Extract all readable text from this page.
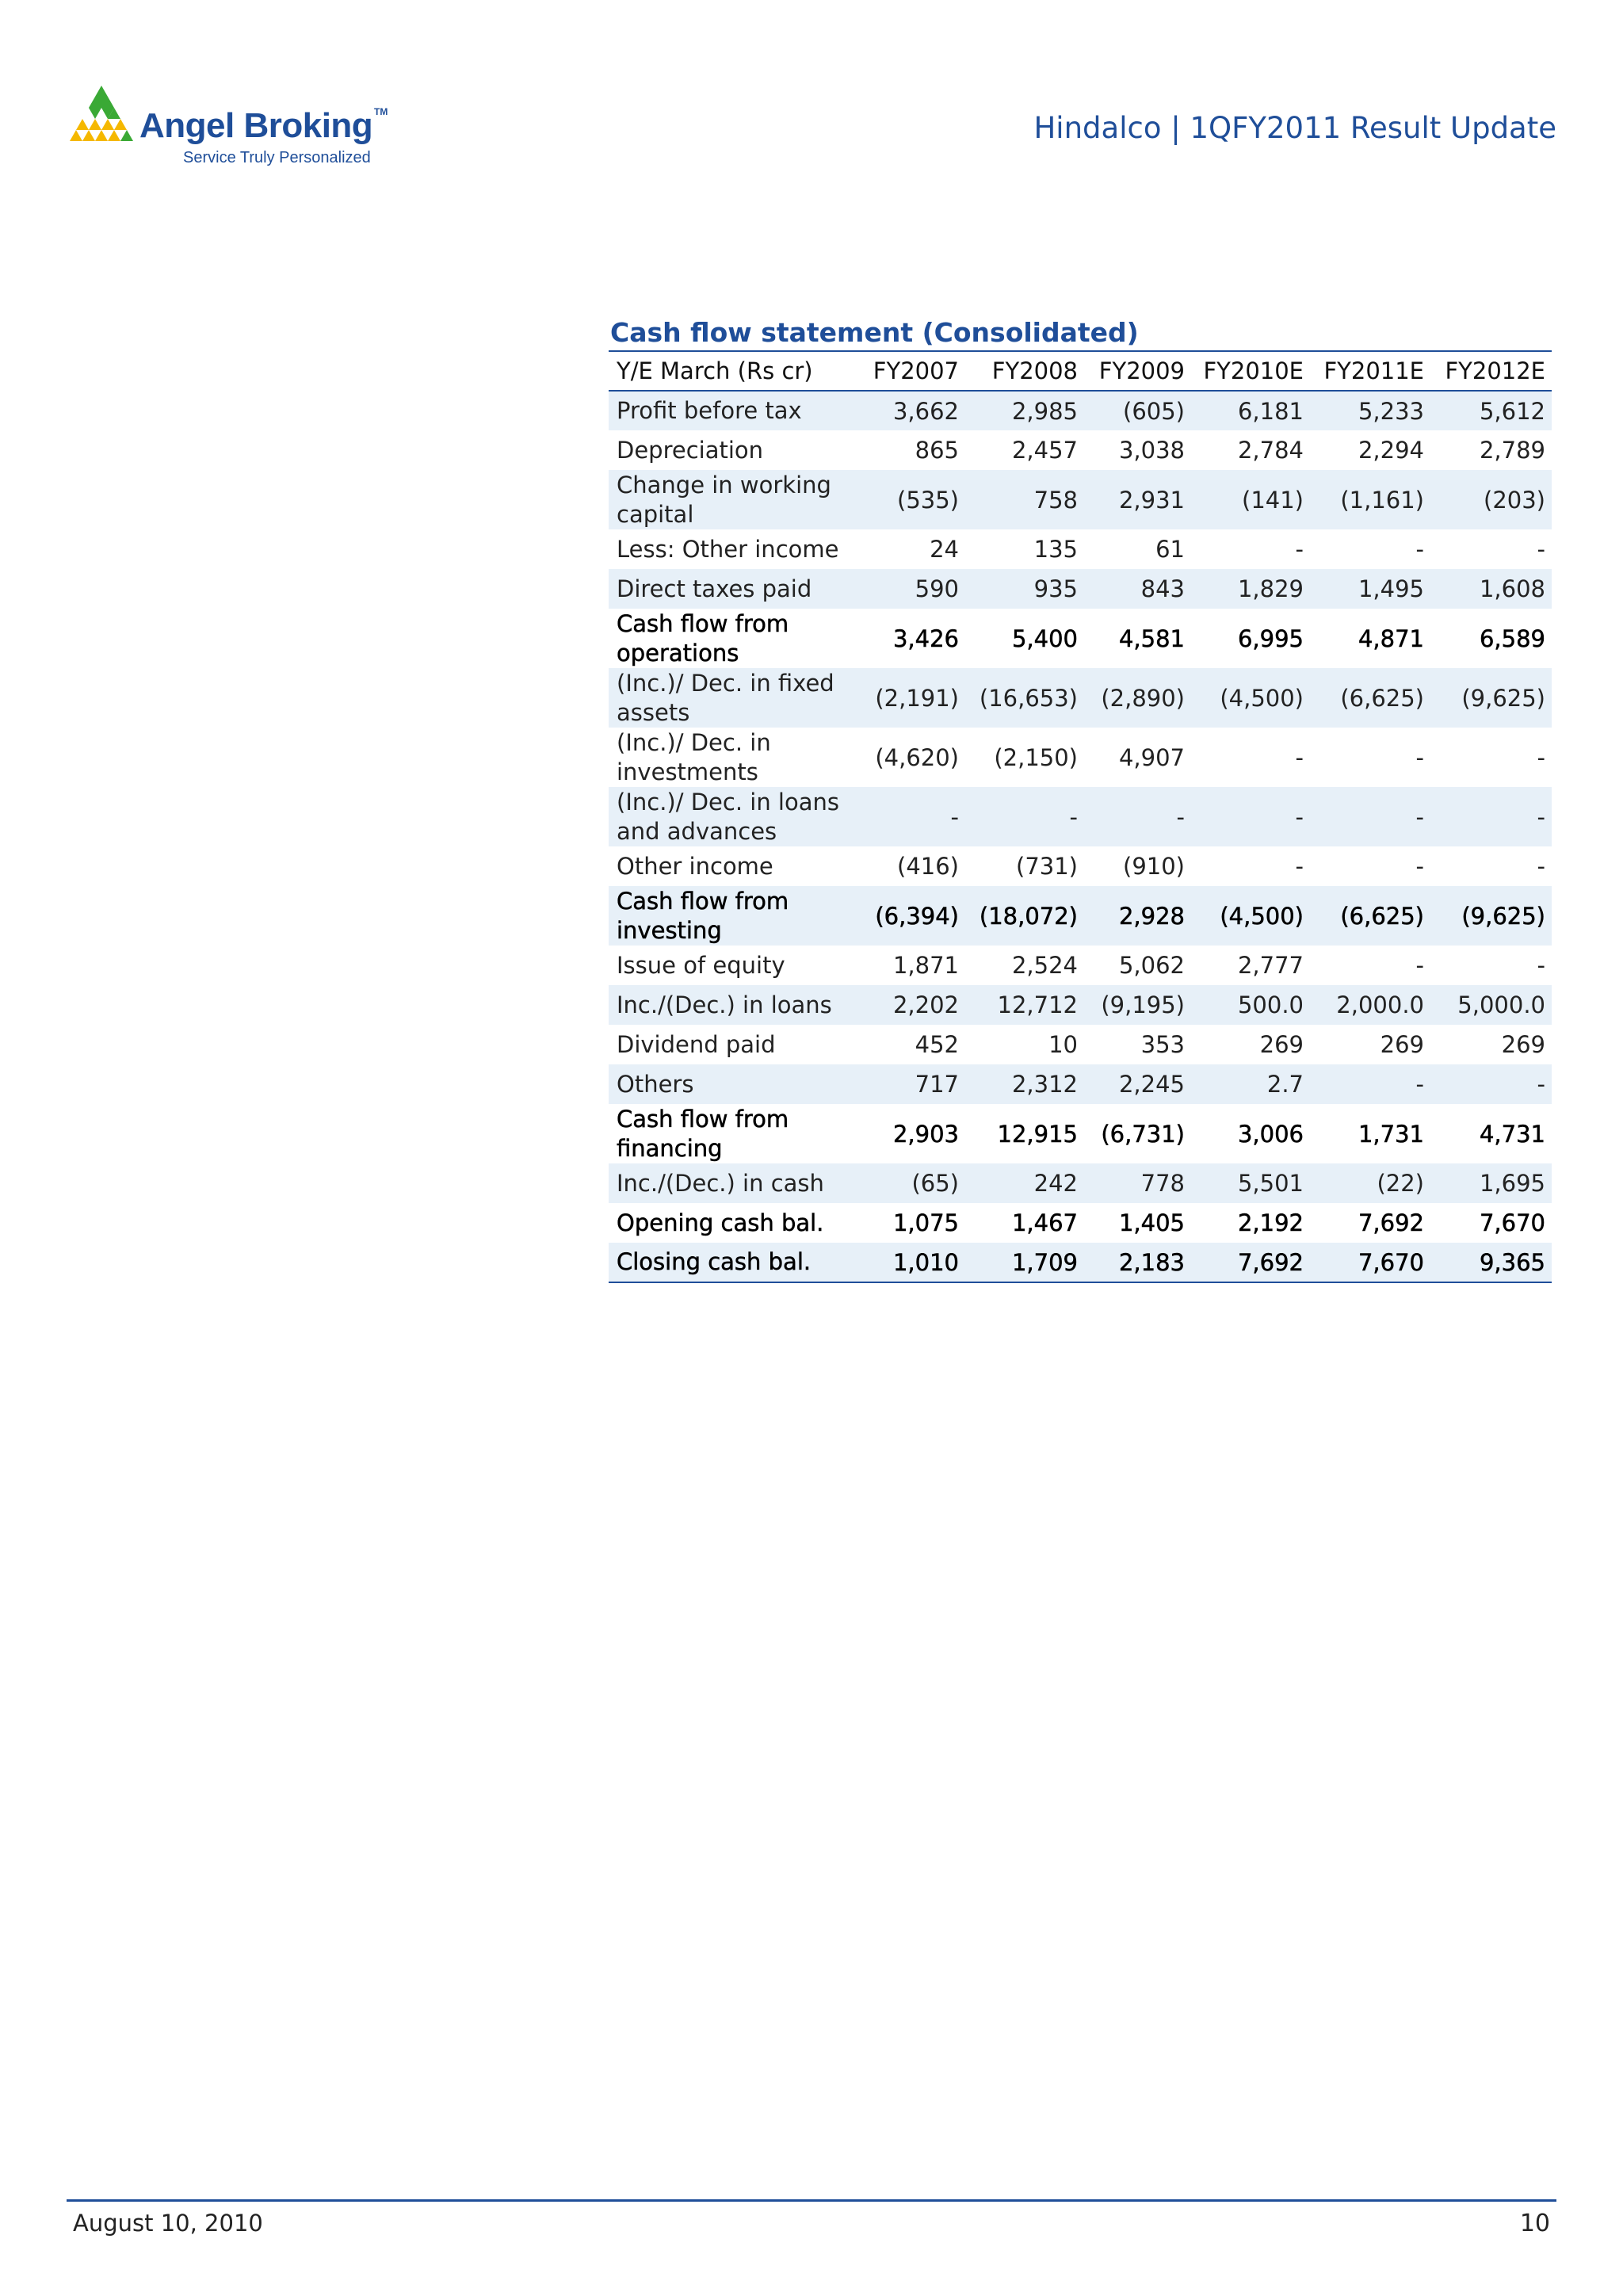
Angel Broking TM
Service Truly Personalized
Hindalco | 1QFY2011 Result Update
Cash flow statement (Consolidated)
Y/E March (Rs cr)	FY2007	FY2008	FY2009	FY2010E	FY2011E	FY2012E
Profit before tax	3,662	2,985	(605)	6,181	5,233	5,612
Depreciation	865	2,457	3,038	2,784	2,294	2,789
Change in working capital	(535)	758	2,931	(141)	(1,161)	(203)
Less: Other income	24	135	61	-	-	-
Direct taxes paid	590	935	843	1,829	1,495	1,608
Cash flow from operations	3,426	5,400	4,581	6,995	4,871	6,589
(Inc.)/ Dec. in fixed assets	(2,191)	(16,653)	(2,890)	(4,500)	(6,625)	(9,625)
(Inc.)/ Dec. in investments	(4,620)	(2,150)	4,907	-	-	-
(Inc.)/ Dec. in loans and advances	-	-	-	-	-	-
Other income	(416)	(731)	(910)	-	-	-
Cash flow from investing	(6,394)	(18,072)	2,928	(4,500)	(6,625)	(9,625)
Issue of equity	1,871	2,524	5,062	2,777	-	-
Inc./(Dec.) in loans	2,202	12,712	(9,195)	500.0	2,000.0	5,000.0
Dividend paid	452	10	353	269	269	269
Others	717	2,312	2,245	2.7	-	-
Cash flow from financing	2,903	12,915	(6,731)	3,006	1,731	4,731
Inc./(Dec.) in cash	(65)	242	778	5,501	(22)	1,695
Opening cash bal.	1,075	1,467	1,405	2,192	7,692	7,670
Closing cash bal.	1,010	1,709	2,183	7,692	7,670	9,365
August 10, 2010	10
